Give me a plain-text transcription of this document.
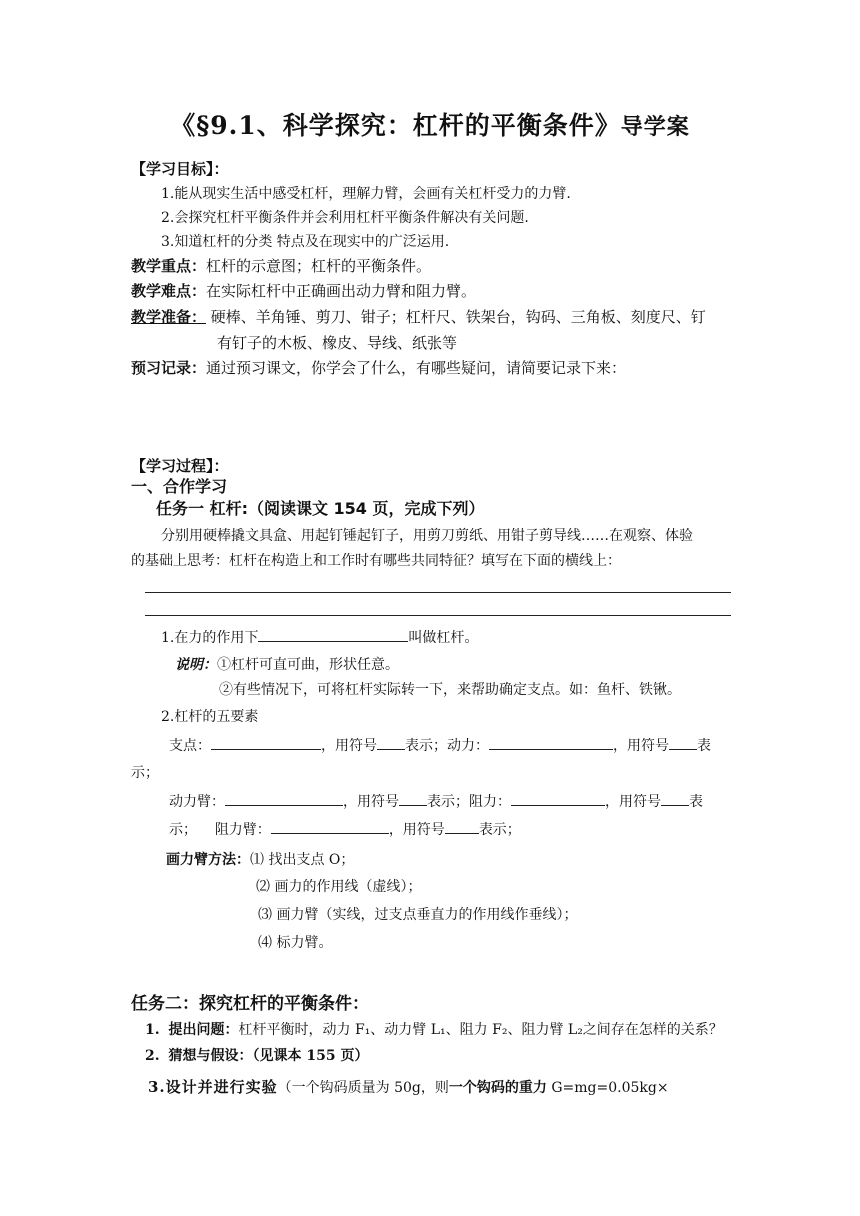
《§9.1、科学探究：杠杆的平衡条件》导学案
【学习目标】：
1.能从现实生活中感受杠杆，理解力臂，会画有关杠杆受力的力臂.
2.会探究杠杆平衡条件并会利用杠杆平衡条件解决有关问题.
3.知道杠杆的分类 特点及在现实中的广泛运用.
教学重点：杠杆的示意图；杠杆的平衡条件。
教学难点：在实际杠杆中正确画出动力臂和阻力臂。
教学准备： 硬棒、羊角锤、剪刀、钳子；杠杆尺、铁架台，钩码、三角板、刻度尺、钉
有钉子的木板、橡皮、导线、纸张等
预习记录：通过预习课文，你学会了什么，有哪些疑问，请简要记录下来：
【学习过程】：
一、合作学习
任务一 杠杆:（阅读课文 154 页，完成下列）
分别用硬棒撬文具盒、用起钉锤起钉子，用剪刀剪纸、用钳子剪导线……在观察、体验
的基础上思考：杠杆在构造上和工作时有哪些共同特征？填写在下面的横线上：
1.在力的作用下	叫做杠杆。
说明：①杠杆可直可曲，形状任意。
②有些情况下，可将杠杆实际转一下，来帮助确定支点。如：鱼杆、铁锹。
2.杠杆的五要素
支点：	，用符号 表示；动力：	，用符号 表
示；
动力臂：	，用符号 表示；阻力：	，用符号 表
示； 阻力臂：	，用符号 表示；
画力臂方法：⑴ 找出支点 O；
⑵ 画力的作用线（虚线）；
⑶ 画力臂（实线，过支点垂直力的作用线作垂线）；
⑷ 标力臂。
任务二：探究杠杆的平衡条件：
1. 提出问题：杠杆平衡时，动力 F₁、动力臂 L₁、阻力 F₂、阻力臂 L₂之间存在怎样的关系？
2. 猜想与假设：（见课本 155 页）
3.设计并进行实验（一个钩码质量为 50g，则一个钩码的重力 G=mg=0.05kg×
